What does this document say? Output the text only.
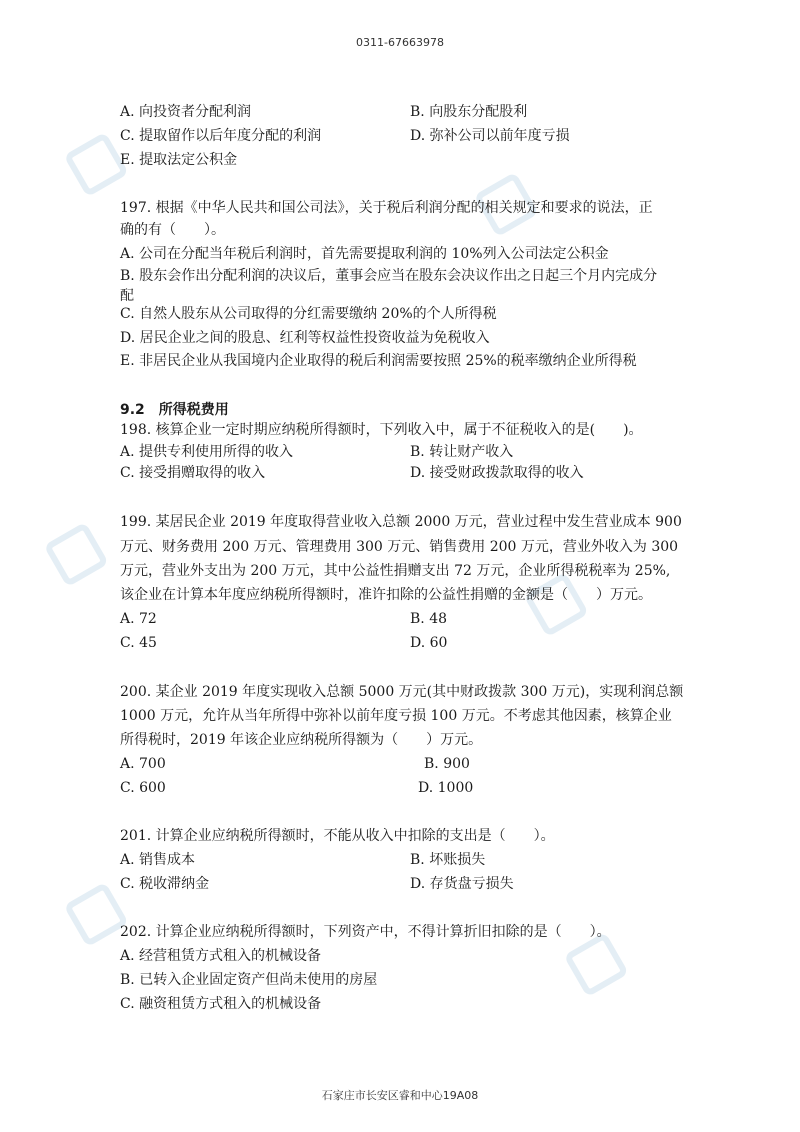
0311-67663978
A. 向投资者分配利润	B. 向股东分配股利
C. 提取留作以后年度分配的利润	D. 弥补公司以前年度亏损
E. 提取法定公积金
197. 根据《中华人民共和国公司法》，关于税后利润分配的相关规定和要求的说法，正
确的有（　　）。
A. 公司在分配当年税后利润时，首先需要提取利润的 10%列入公司法定公积金
B. 股东会作出分配利润的决议后，董事会应当在股东会决议作出之日起三个月内完成分
配
C. 自然人股东从公司取得的分红需要缴纳 20%的个人所得税
D. 居民企业之间的股息、红利等权益性投资收益为免税收入
E. 非居民企业从我国境内企业取得的税后利润需要按照 25%的税率缴纳企业所得税
9.2　所得税费用
198. 核算企业一定时期应纳税所得额时，下列收入中，属于不征税收入的是(　　)。
A. 提供专利使用所得的收入	B. 转让财产收入
C. 接受捐赠取得的收入	D. 接受财政拨款取得的收入
199. 某居民企业 2019 年度取得营业收入总额 2000 万元，营业过程中发生营业成本 900
万元、财务费用 200 万元、管理费用 300 万元、销售费用 200 万元，营业外收入为 300
万元，营业外支出为 200 万元，其中公益性捐赠支出 72 万元，企业所得税税率为 25%,
该企业在计算本年度应纳税所得额时，准许扣除的公益性捐赠的金额是（　　）万元。
A. 72	B. 48
C. 45	D. 60
200. 某企业 2019 年度实现收入总额 5000 万元(其中财政拨款 300 万元)，实现利润总额
1000 万元，允许从当年所得中弥补以前年度亏损 100 万元。不考虑其他因素，核算企业
所得税时，2019 年该企业应纳税所得额为（　　）万元。
A. 700	B. 900
C. 600	D. 1000
201. 计算企业应纳税所得额时，不能从收入中扣除的支出是（　　）。
A. 销售成本	B. 坏账损失
C. 税收滞纳金	D. 存货盘亏损失
202. 计算企业应纳税所得额时，下列资产中，不得计算折旧扣除的是（　　）。
A. 经营租赁方式租入的机械设备
B. 已转入企业固定资产但尚未使用的房屋
C. 融资租赁方式租入的机械设备
石家庄市长安区睿和中心19A08
